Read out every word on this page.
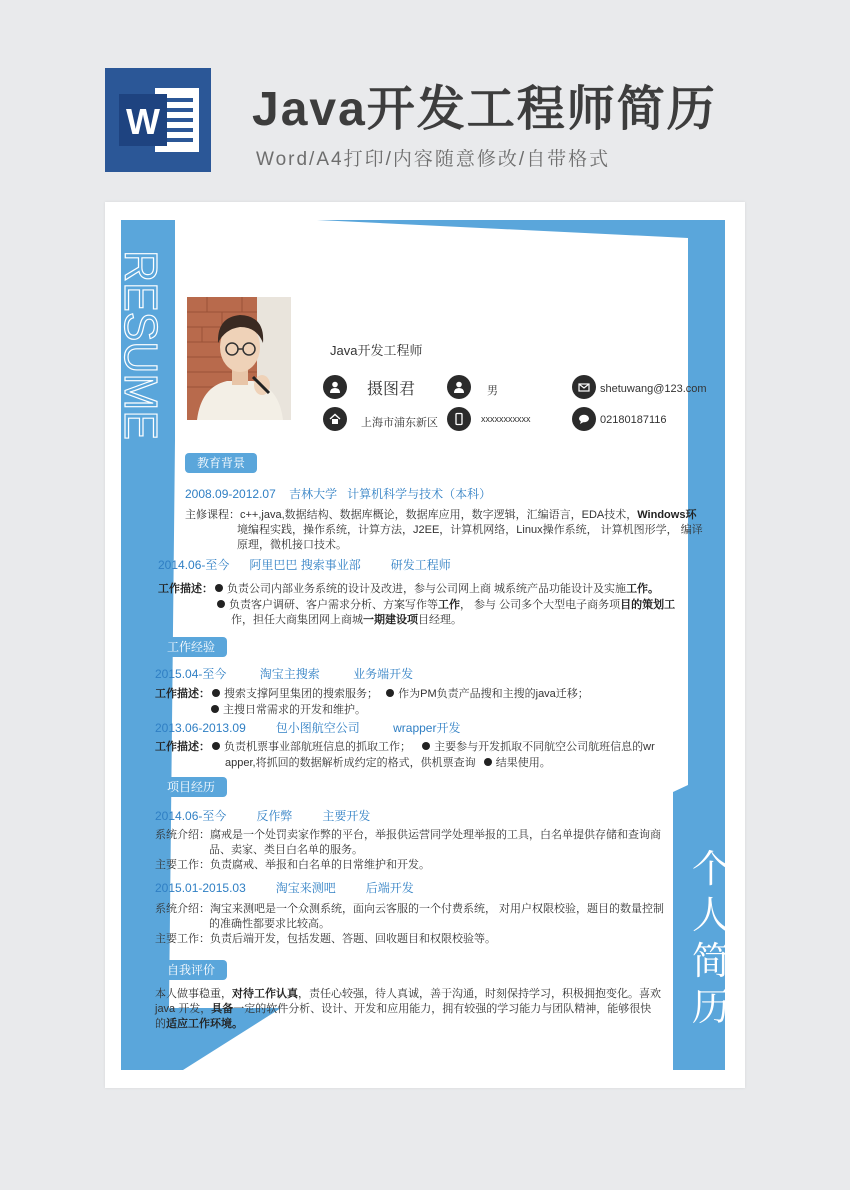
W Java开发工程师简历
Word/A4打印/内容随意修改/自带格式
RESUME
个
人
简
历
Java开发工程师
摄图君	男	shetuwang@123.com
上海市浦东新区	xxxxxxxxxxx	02180187116
教育背景
2008.09-2012.07 吉林大学 计算机科学与技术（本科）
主修课程：c++,java,数据结构、数据库概论，数据库应用，数字逻辑，汇编语言，EDA技术，Windows环
境编程实践，操作系统，计算方法，J2EE，计算机网络，Linux操作系统， 计算机图形学， 编译
原理，微机接口技术。
2014.06-至今 阿里巴巴 搜索事业部	研发工程师
工作描述： 负责公司内部业务系统的设计及改进，参与公司网上商 城系统产品功能设计及实施工作。
负责客户调研、客户需求分析、方案写作等工作， 参与 公司多个大型电子商务项目的策划工
作，担任大商集团网上商城一期建设项目经理。
工作经验
2015.04-至今	淘宝主搜索	业务端开发
工作描述： 搜索支撑阿里集团的搜索服务； 作为PM负责产品搜和主搜的java迁移；
主搜日常需求的开发和维护。
2013.06-2013.09	包小图航空公司	wrapper开发
工作描述： 负责机票事业部航班信息的抓取工作； 主要参与开发抓取不同航空公司航班信息的wr
apper,将抓回的数据解析成约定的格式，供机票查询 结果使用。
项目经历
2014.06-至今	反作弊	主要开发
系统介绍：腐戒是一个处罚卖家作弊的平台，举报供运营同学处理举报的工具，白名单提供存储和查询商
品、卖家、类目白名单的服务。
主要工作：负责腐戒、举报和白名单的日常维护和开发。
2015.01-2015.03	淘宝来测吧	后端开发
系统介绍：淘宝来测吧是一个众测系统，面向云客服的一个付费系统， 对用户权限校验，题目的数量控制
的准确性都要求比较高。
主要工作：负责后端开发，包括发题、答题、回收题目和权限校验等。
自我评价
本人做事稳重，对待工作认真，责任心较强，待人真诚，善于沟通，时刻保持学习，积极拥抱变化。喜欢
java 开发，具备一定的软件分析、设计、开发和应用能力，拥有较强的学习能力与团队精神，能够很快
的适应工作环境。
